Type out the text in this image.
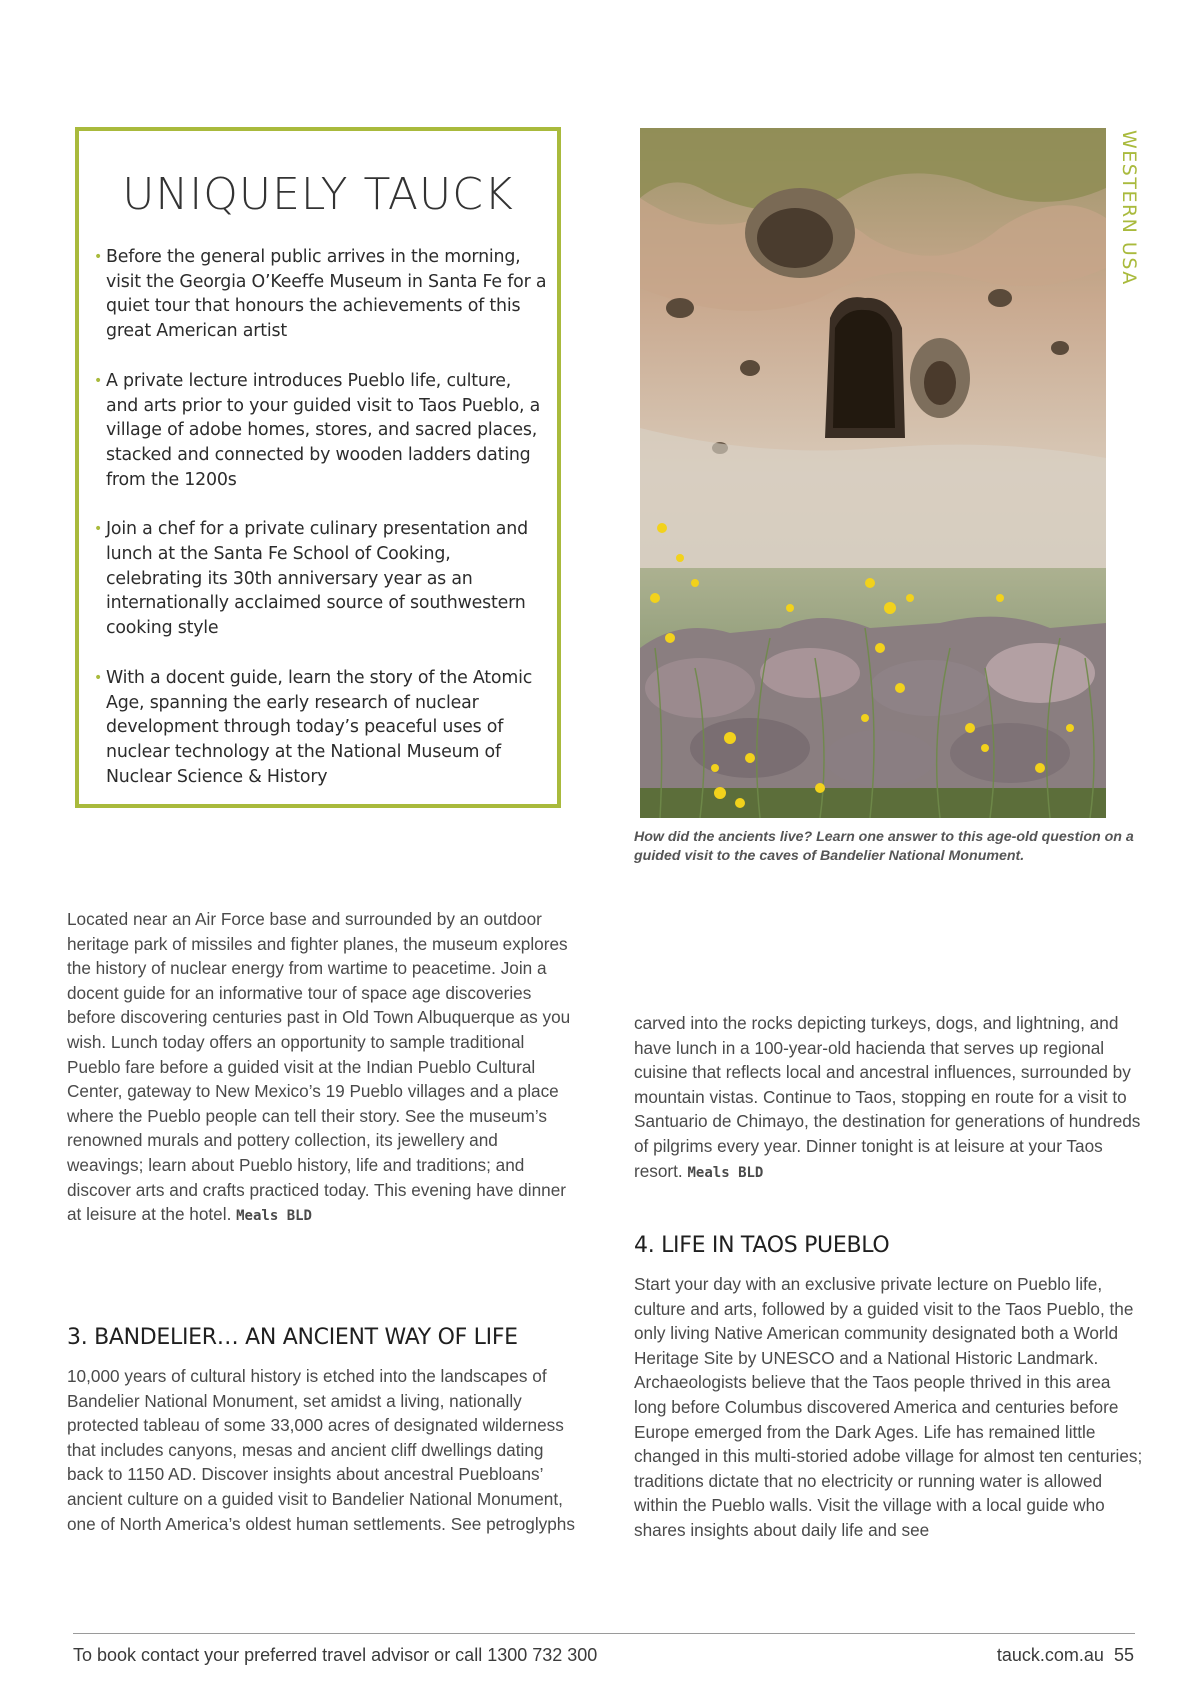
UNIQUELY TAUCK
• Before the general public arrives in the morning, visit the Georgia O’Keeffe Museum in Santa Fe for a quiet tour that honours the achievements of this great American artist
• A private lecture introduces Pueblo life, culture, and arts prior to your guided visit to Taos Pueblo, a village of adobe homes, stores, and sacred places, stacked and connected by wooden ladders dating from the 1200s
• Join a chef for a private culinary presentation and lunch at the Santa Fe School of Cooking, celebrating its 30th anniversary year as an internationally acclaimed source of southwestern cooking style
• With a docent guide, learn the story of the Atomic Age, spanning the early research of nuclear development through today’s peaceful uses of nuclear technology at the National Museum of Nuclear Science & History
WESTERN USA
How did the ancients live? Learn one answer to this age-old question on a guided visit to the caves of Bandelier National Monument.

Located near an Air Force base and surrounded by an outdoor heritage park of missiles and fighter planes, the museum explores the history of nuclear energy from wartime to peacetime. Join a docent guide for an informative tour of space age discoveries before discovering centuries past in Old Town Albuquerque as you wish. Lunch today offers an opportunity to sample traditional Pueblo fare before a guided visit at the Indian Pueblo Cultural Center, gateway to New Mexico’s 19 Pueblo villages and a place where the Pueblo people can tell their story. See the museum’s renowned murals and pottery collection, its jewellery and weavings; learn about Pueblo history, life and traditions; and discover arts and crafts practiced today. This evening have dinner at leisure at the hotel. Meals BLD

3. BANDELIER… AN ANCIENT WAY OF LIFE

10,000 years of cultural history is etched into the landscapes of Bandelier National Monument, set amidst a living, nationally protected tableau of some 33,000 acres of designated wilderness that includes canyons, mesas and ancient cliff dwellings dating back to 1150 AD. Discover insights about ancestral Puebloans’ ancient culture on a guided visit to Bandelier National Monument, one of North America’s oldest human settlements. See petroglyphs

carved into the rocks depicting turkeys, dogs, and lightning, and have lunch in a 100-year-old hacienda that serves up regional cuisine that reflects local and ancestral influences, surrounded by mountain vistas. Continue to Taos, stopping en route for a visit to Santuario de Chimayo, the destination for generations of hundreds of pilgrims every year. Dinner tonight is at leisure at your Taos resort. Meals BLD

4. LIFE IN TAOS PUEBLO

Start your day with an exclusive private lecture on Pueblo life, culture and arts, followed by a guided visit to the Taos Pueblo, the only living Native American community designated both a World Heritage Site by UNESCO and a National Historic Landmark. Archaeologists believe that the Taos people thrived in this area long before Columbus discovered America and centuries before Europe emerged from the Dark Ages. Life has remained little changed in this multi-storied adobe village for almost ten centuries; traditions dictate that no electricity or running water is allowed within the Pueblo walls. Visit the village with a local guide who shares insights about daily life and see

To book contact your preferred travel advisor or call 1300 732 300	tauck.com.au 55
